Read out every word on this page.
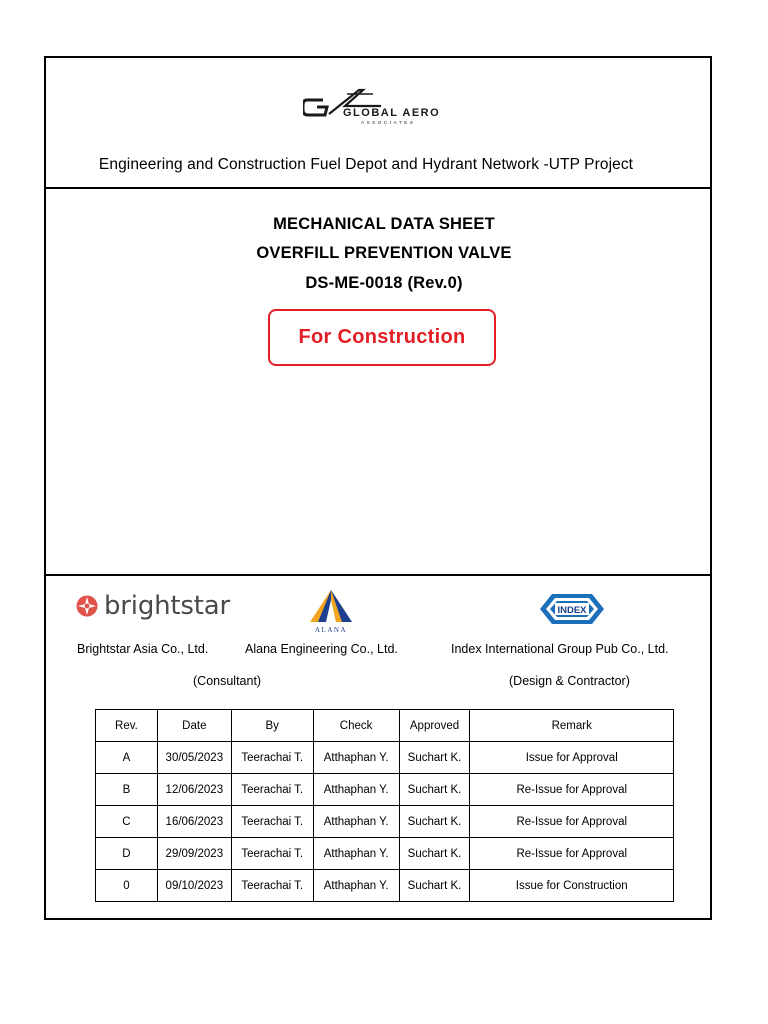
GLOBAL AERO
ASSOCIATES
Engineering and Construction Fuel Depot and Hydrant Network -UTP Project
MECHANICAL DATA SHEET
OVERFILL PREVENTION VALVE
DS-ME-0018 (Rev.0)
For Construction
brightstar
ALANA
INDEX
Brightstar Asia Co., Ltd.	Alana Engineering Co., Ltd.	Index International Group Pub Co., Ltd.
(Consultant)	(Design & Contractor)
Rev.	Date	By	Check	Approved	Remark
A	30/05/2023	Teerachai T.	Atthaphan Y.	Suchart K.	Issue for Approval
B	12/06/2023	Teerachai T.	Atthaphan Y.	Suchart K.	Re-Issue for Approval
C	16/06/2023	Teerachai T.	Atthaphan Y.	Suchart K.	Re-Issue for Approval
D	29/09/2023	Teerachai T.	Atthaphan Y.	Suchart K.	Re-Issue for Approval
0	09/10/2023	Teerachai T.	Atthaphan Y.	Suchart K.	Issue for Construction
